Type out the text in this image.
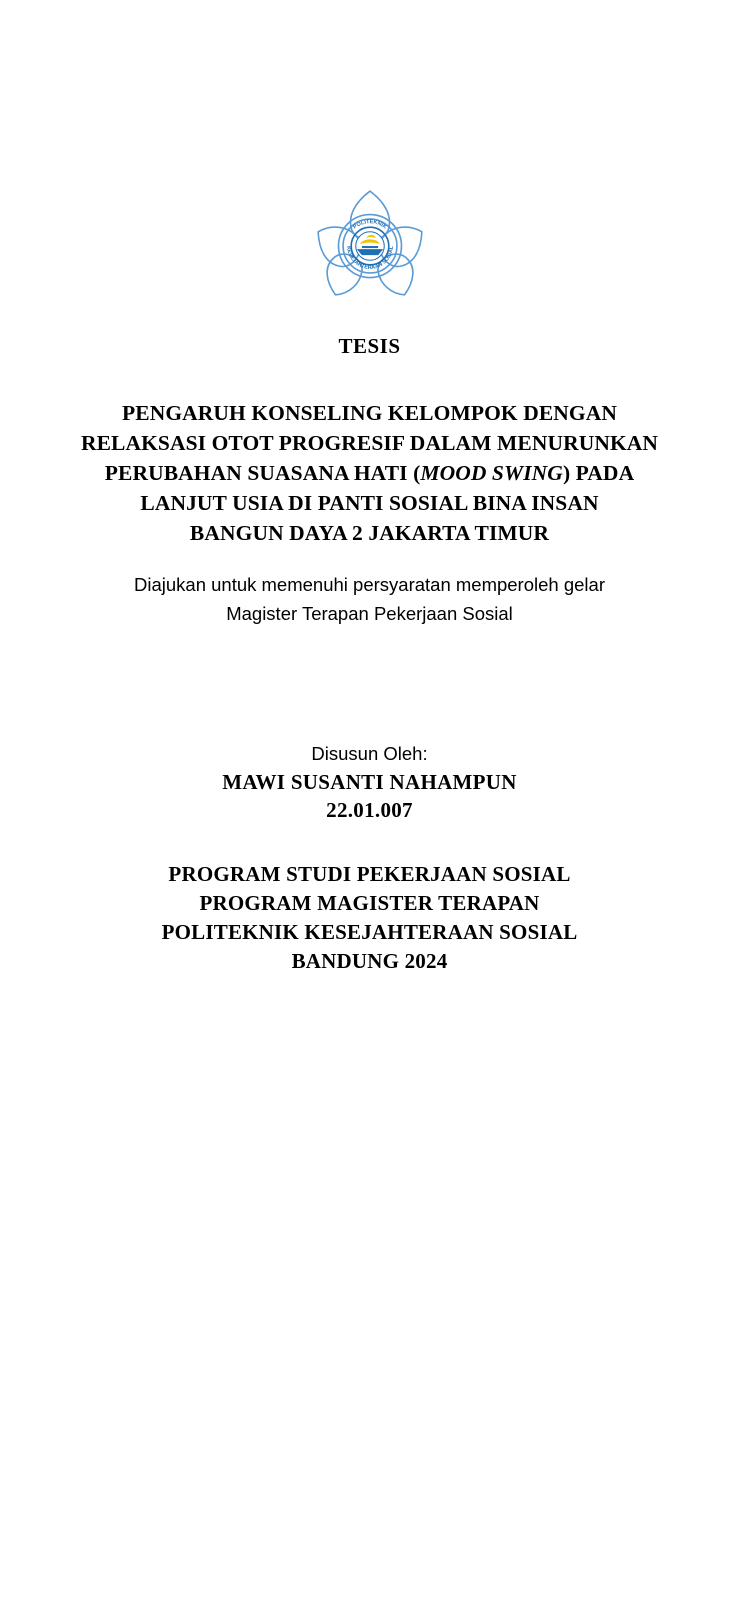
POLITEKNIK
KESEJAHTERAAN SOSIAL
TESIS
PENGARUH KONSELING KELOMPOK DENGAN
RELAKSASI OTOT PROGRESIF DALAM MENURUNKAN
PERUBAHAN SUASANA HATI (MOOD SWING) PADA
LANJUT USIA DI PANTI SOSIAL BINA INSAN
BANGUN DAYA 2 JAKARTA TIMUR
Diajukan untuk memenuhi persyaratan memperoleh gelar
Magister Terapan Pekerjaan Sosial
Disusun Oleh:
MAWI SUSANTI NAHAMPUN
22.01.007
PROGRAM STUDI PEKERJAAN SOSIAL
PROGRAM MAGISTER TERAPAN
POLITEKNIK KESEJAHTERAAN SOSIAL
BANDUNG 2024
